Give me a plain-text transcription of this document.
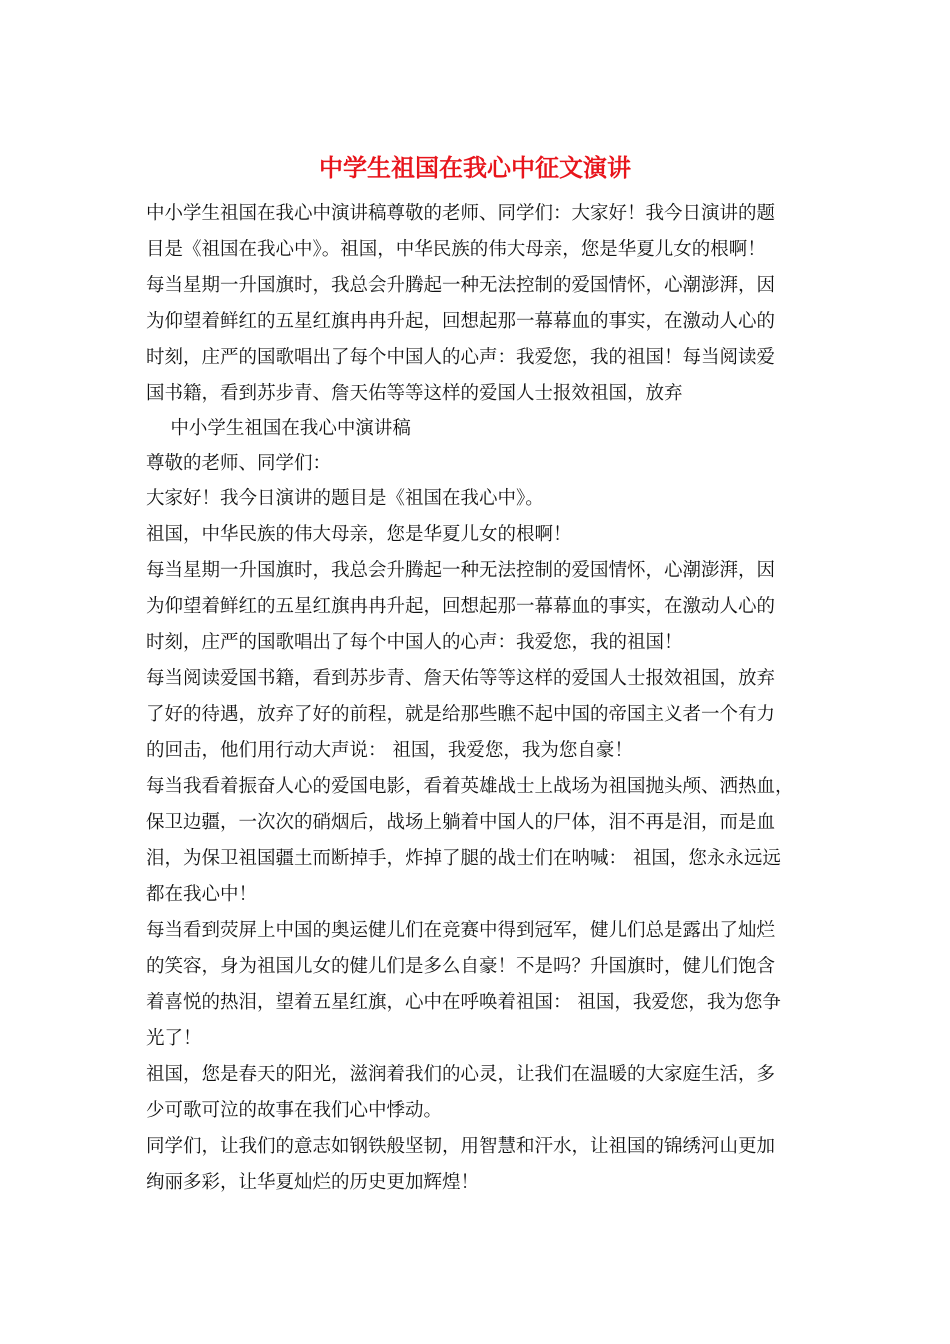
中学生祖国在我心中征文演讲
中小学生祖国在我心中演讲稿尊敬的老师、同学们：大家好！我今日演讲的题
目是《祖国在我心中》。祖国，中华民族的伟大母亲，您是华夏儿女的根啊！
每当星期一升国旗时，我总会升腾起一种无法控制的爱国情怀，心潮澎湃，因
为仰望着鲜红的五星红旗冉冉升起，回想起那一幕幕血的事实，在激动人心的
时刻，庄严的国歌唱出了每个中国人的心声：我爱您，我的祖国！每当阅读爱
国书籍，看到苏步青、詹天佑等等这样的爱国人士报效祖国，放弃
　 中小学生祖国在我心中演讲稿
尊敬的老师、同学们：
大家好！我今日演讲的题目是《祖国在我心中》。
祖国，中华民族的伟大母亲，您是华夏儿女的根啊！
每当星期一升国旗时，我总会升腾起一种无法控制的爱国情怀，心潮澎湃，因
为仰望着鲜红的五星红旗冉冉升起，回想起那一幕幕血的事实，在激动人心的
时刻，庄严的国歌唱出了每个中国人的心声：我爱您，我的祖国！
每当阅读爱国书籍，看到苏步青、詹天佑等等这样的爱国人士报效祖国，放弃
了好的待遇，放弃了好的前程，就是给那些瞧不起中国的帝国主义者一个有力
的回击，他们用行动大声说： 祖国，我爱您，我为您自豪！
每当我看着振奋人心的爱国电影，看着英雄战士上战场为祖国抛头颅、洒热血，
保卫边疆，一次次的硝烟后，战场上躺着中国人的尸体，泪不再是泪，而是血
泪，为保卫祖国疆土而断掉手，炸掉了腿的战士们在呐喊： 祖国，您永永远远
都在我心中！
每当看到荧屏上中国的奥运健儿们在竞赛中得到冠军，健儿们总是露出了灿烂
的笑容，身为祖国儿女的健儿们是多么自豪！不是吗？升国旗时，健儿们饱含
着喜悦的热泪，望着五星红旗，心中在呼唤着祖国： 祖国，我爱您，我为您争
光了！
祖国，您是春天的阳光，滋润着我们的心灵，让我们在温暖的大家庭生活，多
少可歌可泣的故事在我们心中悸动。
同学们，让我们的意志如钢铁般坚韧，用智慧和汗水，让祖国的锦绣河山更加
绚丽多彩，让华夏灿烂的历史更加辉煌！
